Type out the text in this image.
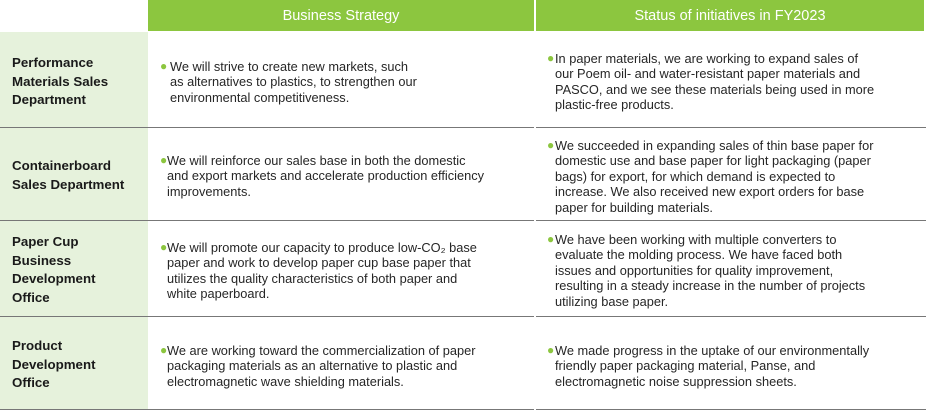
Business Strategy	Status of initiatives in FY2023
Performance
Materials Sales
Department
● We will strive to create new markets, such
as alternatives to plastics, to strengthen our
environmental competitiveness.
● In paper materials, we are working to expand sales of
our Poem oil- and water-resistant paper materials and
PASCO, and we see these materials being used in more
plastic-free products.
Containerboard
Sales Department
● We will reinforce our sales base in both the domestic
and export markets and accelerate production efficiency
improvements.
● We succeeded in expanding sales of thin base paper for
domestic use and base paper for light packaging (paper
bags) for export, for which demand is expected to
increase. We also received new export orders for base
paper for building materials.
Paper Cup
Business
Development
Office
● We will promote our capacity to produce low-CO₂ base
paper and work to develop paper cup base paper that
utilizes the quality characteristics of both paper and
white paperboard.
● We have been working with multiple converters to
evaluate the molding process. We have faced both
issues and opportunities for quality improvement,
resulting in a steady increase in the number of projects
utilizing base paper.
Product
Development
Office
● We are working toward the commercialization of paper
packaging materials as an alternative to plastic and
electromagnetic wave shielding materials.
● We made progress in the uptake of our environmentally
friendly paper packaging material, Panse, and
electromagnetic noise suppression sheets.
